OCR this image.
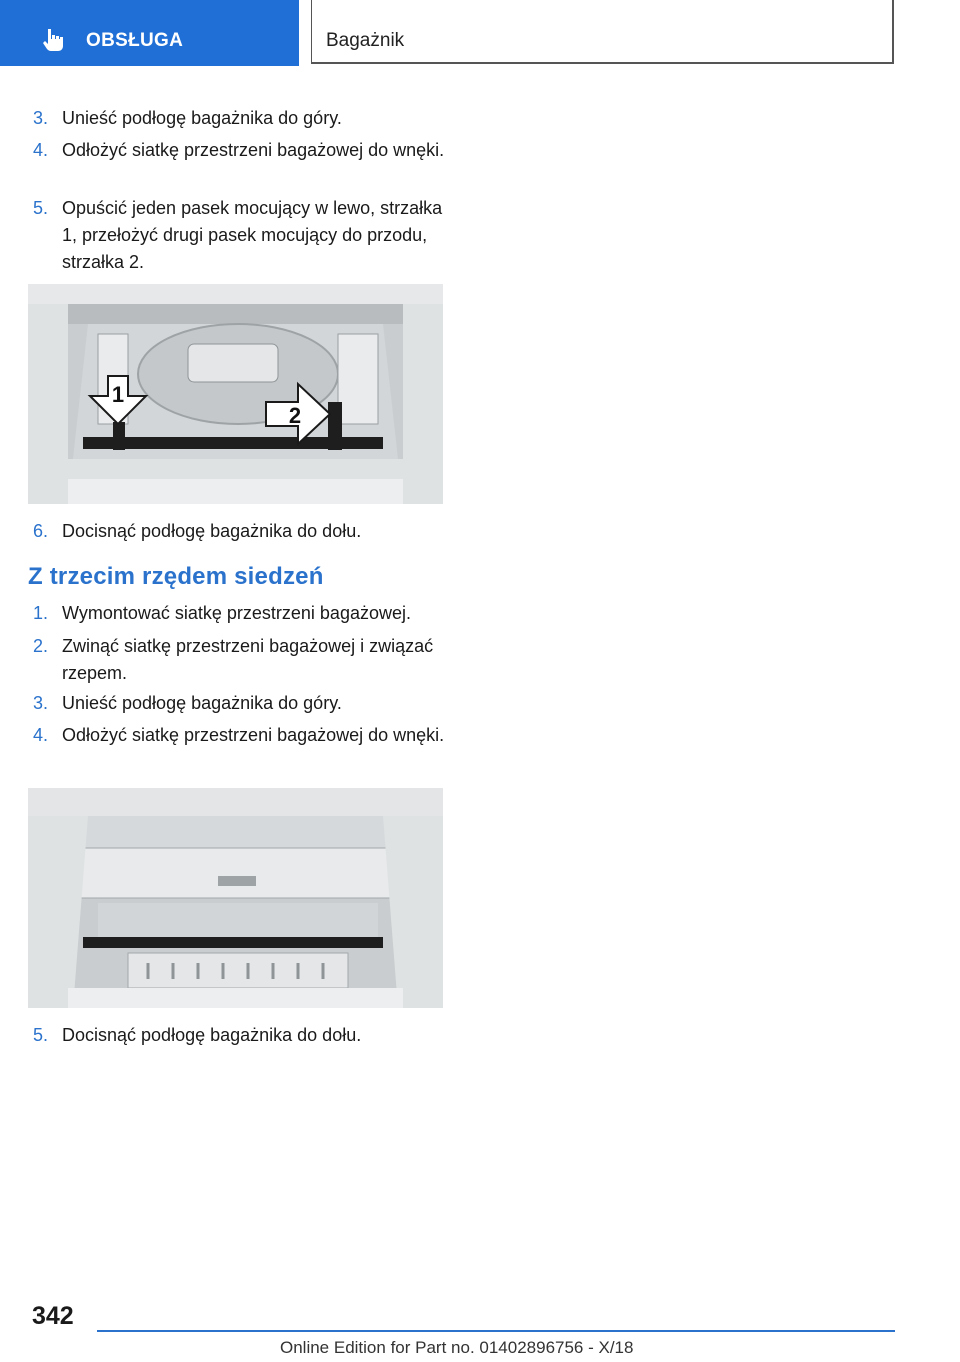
OBSŁUGA	Bagażnik
3. Unieść podłogę bagażnika do góry.
4. Odłożyć siatkę przestrzeni bagażowej do wnęki.
5. Opuścić jeden pasek mocujący w lewo, strzałka 1, przełożyć drugi pasek mocujący do przodu, strzałka 2.
1
2
6. Docisnąć podłogę bagażnika do dołu.
Z trzecim rzędem siedzeń
1. Wymontować siatkę przestrzeni bagażowej.
2. Zwinąć siatkę przestrzeni bagażowej i związać rzepem.
3. Unieść podłogę bagażnika do góry.
4. Odłożyć siatkę przestrzeni bagażowej do wnęki.
5. Docisnąć podłogę bagażnika do dołu.
342
Online Edition for Part no. 01402896756 - X/18
